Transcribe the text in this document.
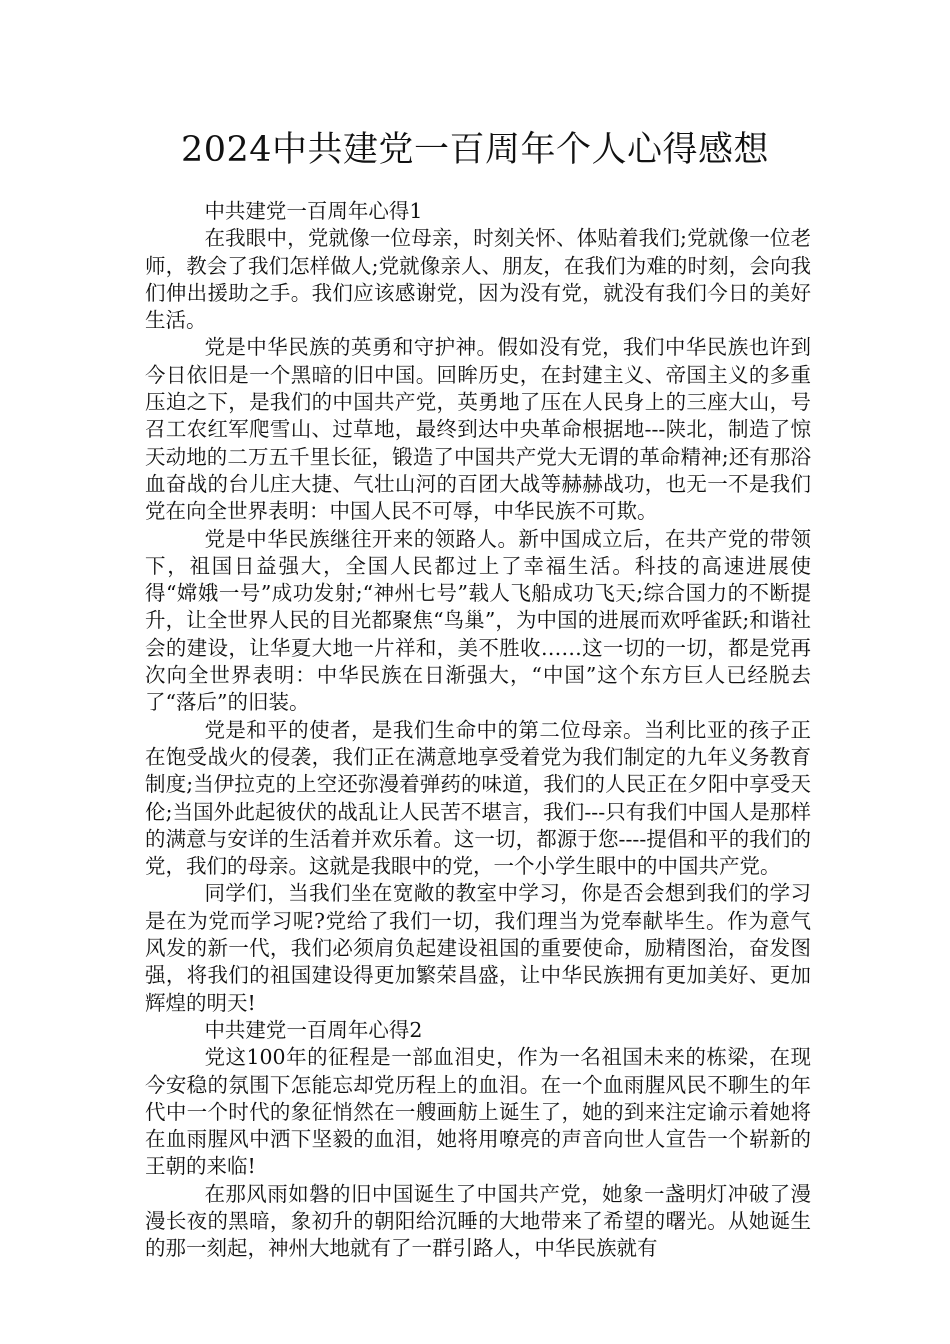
2024中共建党一百周年个人心得感想

中共建党一百周年心得1

在我眼中，党就像一位母亲，时刻关怀、体贴着我们;党就像一位老师，教会了我们怎样做人;党就像亲人、朋友，在我们为难的时刻，会向我们伸出援助之手。我们应该感谢党，因为没有党，就没有我们今日的美好生活。

党是中华民族的英勇和守护神。假如没有党，我们中华民族也许到今日依旧是一个黑暗的旧中国。回眸历史，在封建主义、帝国主义的多重压迫之下，是我们的中国共产党，英勇地了压在人民身上的三座大山，号召工农红军爬雪山、过草地，最终到达中央革命根据地---陕北，制造了惊天动地的二万五千里长征，锻造了中国共产党大无谓的革命精神;还有那浴血奋战的台儿庄大捷、气壮山河的百团大战等赫赫战功，也无一不是我们党在向全世界表明：中国人民不可辱，中华民族不可欺。

党是中华民族继往开来的领路人。新中国成立后，在共产党的带领下，祖国日益强大，全国人民都过上了幸福生活。科技的高速进展使得“嫦娥一号”成功发射;“神州七号”载人飞船成功飞天;综合国力的不断提升，让全世界人民的目光都聚焦“鸟巢”，为中国的进展而欢呼雀跃;和谐社会的建设，让华夏大地一片祥和，美不胜收……这一切的一切，都是党再次向全世界表明：中华民族在日渐强大，“中国”这个东方巨人已经脱去了“落后”的旧装。

党是和平的使者，是我们生命中的第二位母亲。当利比亚的孩子正在饱受战火的侵袭，我们正在满意地享受着党为我们制定的九年义务教育制度;当伊拉克的上空还弥漫着弹药的味道，我们的人民正在夕阳中享受天伦;当国外此起彼伏的战乱让人民苦不堪言，我们---只有我们中国人是那样的满意与安详的生活着并欢乐着。这一切，都源于您----提倡和平的我们的党，我们的母亲。这就是我眼中的党，一个小学生眼中的中国共产党。

同学们，当我们坐在宽敞的教室中学习，你是否会想到我们的学习是在为党而学习呢?党给了我们一切，我们理当为党奉献毕生。作为意气风发的新一代，我们必须肩负起建设祖国的重要使命，励精图治，奋发图强，将我们的祖国建设得更加繁荣昌盛，让中华民族拥有更加美好、更加辉煌的明天!

中共建党一百周年心得2

党这100年的征程是一部血泪史，作为一名祖国未来的栋梁，在现今安稳的氛围下怎能忘却党历程上的血泪。在一个血雨腥风民不聊生的年代中一个时代的象征悄然在一艘画舫上诞生了，她的到来注定谕示着她将在血雨腥风中洒下坚毅的血泪，她将用嘹亮的声音向世人宣告一个崭新的王朝的来临!

在那风雨如磐的旧中国诞生了中国共产党，她象一盏明灯冲破了漫漫长夜的黑暗，象初升的朝阳给沉睡的大地带来了希望的曙光。从她诞生的那一刻起，神州大地就有了一群引路人，中华民族就有
